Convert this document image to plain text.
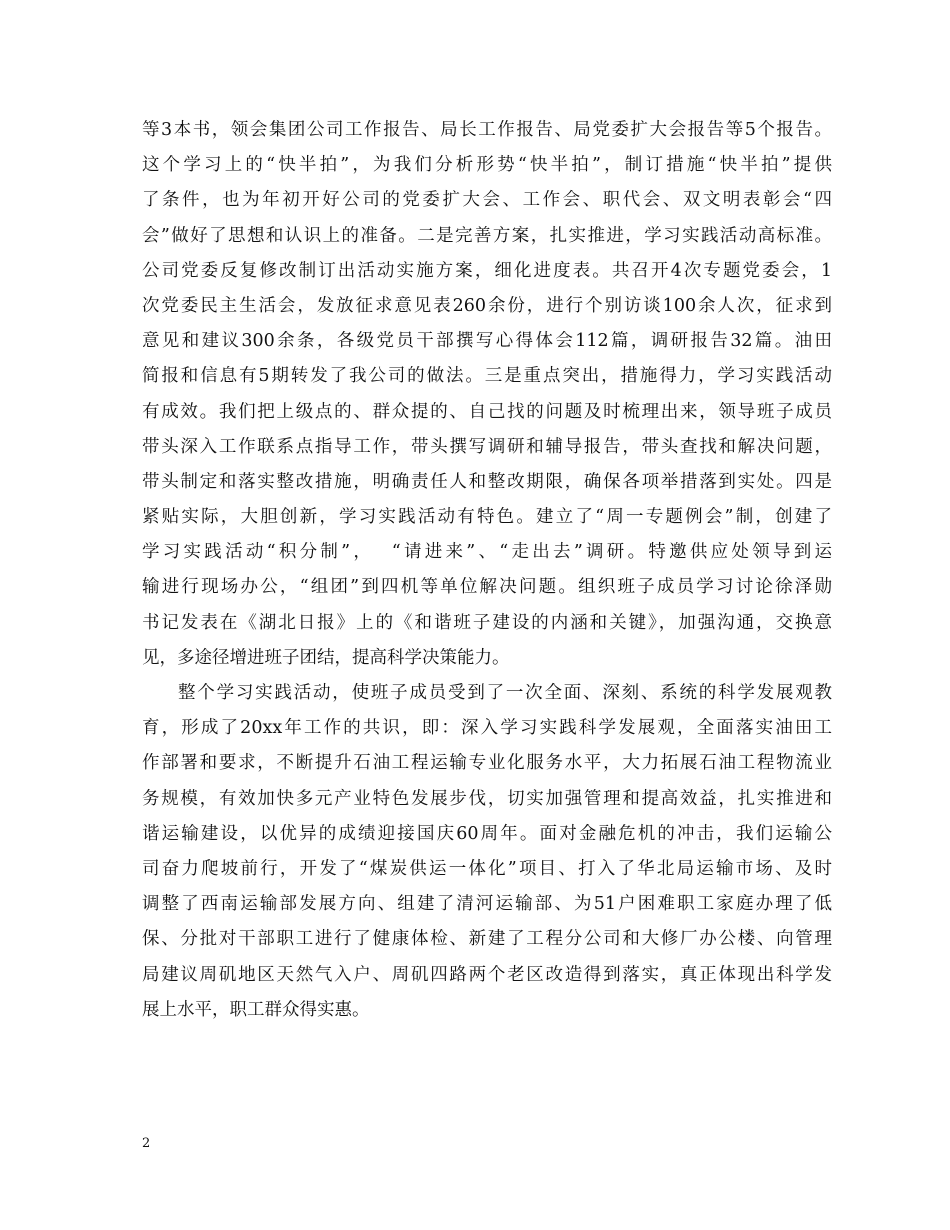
等3本书，领会集团公司工作报告、局长工作报告、局党委扩大会报告等5个报告。
这个学习上的“快半拍”，为我们分析形势“快半拍”，制订措施“快半拍”提供
了条件，也为年初开好公司的党委扩大会、工作会、职代会、双文明表彰会“四
会”做好了思想和认识上的准备。二是完善方案，扎实推进，学习实践活动高标准。
公司党委反复修改制订出活动实施方案，细化进度表。共召开4次专题党委会，1
次党委民主生活会，发放征求意见表260余份，进行个别访谈100余人次，征求到
意见和建议300余条，各级党员干部撰写心得体会112篇，调研报告32篇。油田
简报和信息有5期转发了我公司的做法。三是重点突出，措施得力，学习实践活动
有成效。我们把上级点的、群众提的、自己找的问题及时梳理出来，领导班子成员
带头深入工作联系点指导工作，带头撰写调研和辅导报告，带头查找和解决问题，
带头制定和落实整改措施，明确责任人和整改期限，确保各项举措落到实处。四是
紧贴实际，大胆创新，学习实践活动有特色。建立了“周一专题例会”制，创建了
学习实践活动“积分制”，  “请进来”、“走出去”调研。特邀供应处领导到运
输进行现场办公，“组团”到四机等单位解决问题。组织班子成员学习讨论徐泽勋
书记发表在《湖北日报》上的《和谐班子建设的内涵和关键》，加强沟通，交换意
见，多途径增进班子团结，提高科学决策能力。
整个学习实践活动，使班子成员受到了一次全面、深刻、系统的科学发展观教
育，形成了20xx年工作的共识，即：深入学习实践科学发展观，全面落实油田工
作部署和要求，不断提升石油工程运输专业化服务水平，大力拓展石油工程物流业
务规模，有效加快多元产业特色发展步伐，切实加强管理和提高效益，扎实推进和
谐运输建设，以优异的成绩迎接国庆60周年。面对金融危机的冲击，我们运输公
司奋力爬坡前行，开发了“煤炭供运一体化”项目、打入了华北局运输市场、及时
调整了西南运输部发展方向、组建了清河运输部、为51户困难职工家庭办理了低
保、分批对干部职工进行了健康体检、新建了工程分公司和大修厂办公楼、向管理
局建议周矶地区天然气入户、周矶四路两个老区改造得到落实，真正体现出科学发
展上水平，职工群众得实惠。
2
